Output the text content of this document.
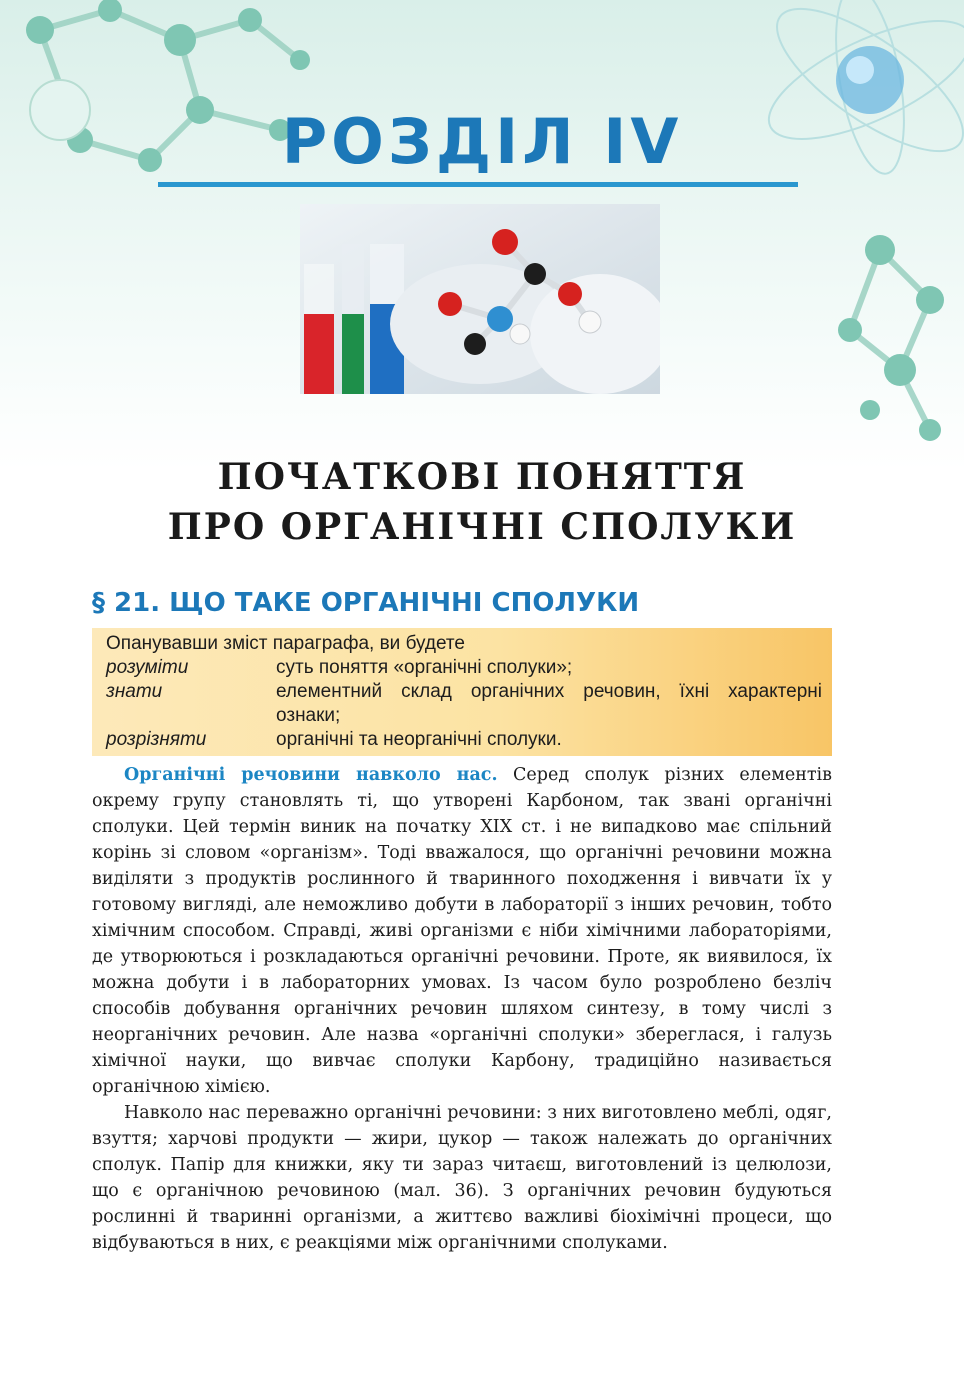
РОЗДІЛ IV
ПОЧАТКОВІ ПОНЯТТЯ
ПРО ОРГАНІЧНІ СПОЛУКИ
§ 21. ЩО ТАКЕ ОРГАНІЧНІ СПОЛУКИ
Опанувавши зміст параграфа, ви будете
розуміти	суть поняття «органічні сполуки»;
знати	елементний склад органічних речовин, їхні характерні ознаки;
розрізняти	органічні та неорганічні сполуки.

Органічні речовини навколо нас. Серед сполук різних елементів окрему групу становлять ті, що утворені Карбоном, так звані органічні сполуки. Цей термін виник на початку XIX ст. і не випадково має спільний корінь зі словом «організм». Тоді вважалося, що органічні речовини можна виділяти з продуктів рослинного й тваринного походження і вивчати їх у готовому вигляді, але неможливо добути в лабораторії з інших речовин, тобто хімічним способом. Справді, живі організми є ніби хімічними лабораторіями, де утворюються і розкладаються органічні речовини. Проте, як виявилося, їх можна добути і в лабораторних умовах. Із часом було розроблено безліч способів добування органічних речовин шляхом синтезу, в тому числі з неорганічних речовин. Але назва «органічні сполуки» збереглася, і галузь хімічної науки, що вивчає сполуки Карбону, традиційно називається органічною хімією.

Навколо нас переважно органічні речовини: з них виготовлено меблі, одяг, взуття; харчові продукти — жири, цукор — також належать до органічних сполук. Папір для книжки, яку ти зараз читаєш, виготовлений із целюлози, що є органічною речовиною (мал. 36). З органічних речовин будуються рослинні й тваринні організми, а життєво важливі біохімічні процеси, що відбуваються в них, є реакціями між органічними сполуками.
